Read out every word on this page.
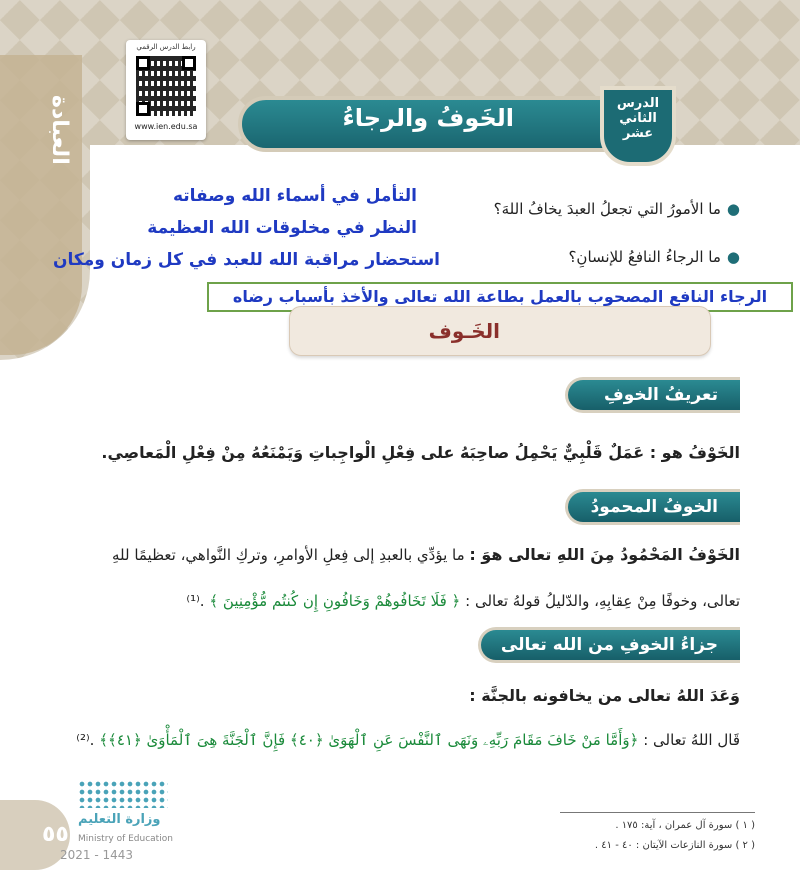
العبادة
رابط الدرس الرقمي
www.ien.edu.sa	الخَوفُ والرجاءُ
الدرس
الثاني
عشر
●ما الأمورُ التي تجعلُ العبدَ يخافُ اللهَ؟
●ما الرجاءُ النافعُ للإنسانِ؟
التأمل في أسماء الله وصفاته
النظر في مخلوقات الله العظيمة
استحضار مراقبة الله للعبد في كل زمان ومكان
الرجاء النافع المصحوب بالعمل بطاعة الله تعالى والأخذ بأسباب رضاه
الخَـوف
تعريفُ الخوفِ
الخَوْفُ هو : عَمَلٌ قَلْبِيٌّ يَحْمِلُ صاحِبَهُ على فِعْلِ الْواجِباتِ وَيَمْنَعُهُ مِنْ فِعْلِ الْمَعاصِي.
الخوفُ المحمودُ
الخَوْفُ المَحْمُودُ مِنَ اللهِ تعالى هوَ : ما يؤدِّي بالعبدِ إلى فِعلِ الأوامرِ، وتركِ النَّواهي، تعظيمًا للهِ
تعالى، وخوفًا مِنْ عِقابِهِ، والدّليلُ قولهُ تعالى : ﴿ فَلَا تَخَافُوهُمْ وَخَافُونِ إِن كُنتُم مُّؤْمِنِينَ ﴾ .⁽¹⁾
جزاءُ الخوفِ من الله تعالى
وَعَدَ اللهُ تعالى من يخافونه بالجنَّة :
قَال اللهُ تعالى : ﴿وَأَمَّا مَنْ خَافَ مَقَامَ رَبِّهِۦ وَنَهَى ٱلنَّفْسَ عَنِ ٱلْهَوَىٰ ﴿٤٠﴾ فَإِنَّ ٱلْجَنَّةَ هِىَ ٱلْمَأْوَىٰ ﴿٤١﴾﴾ .⁽²⁾
( ١ ) سورة آل عمران ، آية: ١٧٥ .
( ٢ ) سورة النازعات الآيتان : ٤٠ - ٤١ .
٥٥
وزارة التعليم
Ministry of Education
2021 - 1443
